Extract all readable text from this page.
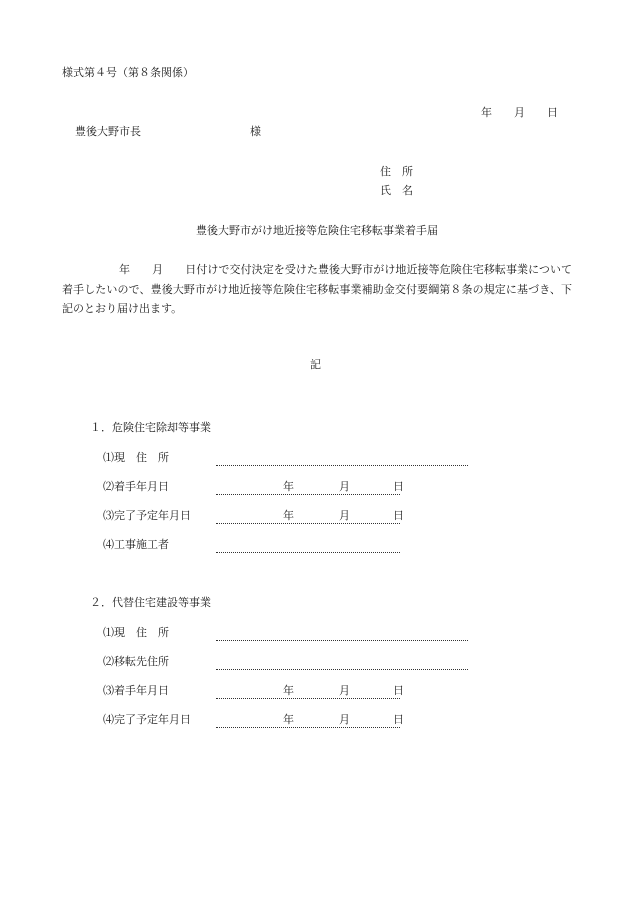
様式第４号（第８条関係）
年 月 日
豊後大野市長	様
住　所
氏　名
豊後大野市がけ地近接等危険住宅移転事業着手届
年 月 日付けで交付決定を受けた豊後大野市がけ地近接等危険住宅移転事業について着手したいので、豊後大野市がけ地近接等危険住宅移転事業補助金交付要綱第８条の規定に基づき、下記のとおり届け出ます。
記
１．危険住宅除却等事業
⑴現　住　所
⑵着手年月日	年	月	日
⑶完了予定年月日	年	月	日
⑷工事施工者
２．代替住宅建設等事業
⑴現　住　所
⑵移転先住所
⑶着手年月日	年	月	日
⑷完了予定年月日	年	月	日
